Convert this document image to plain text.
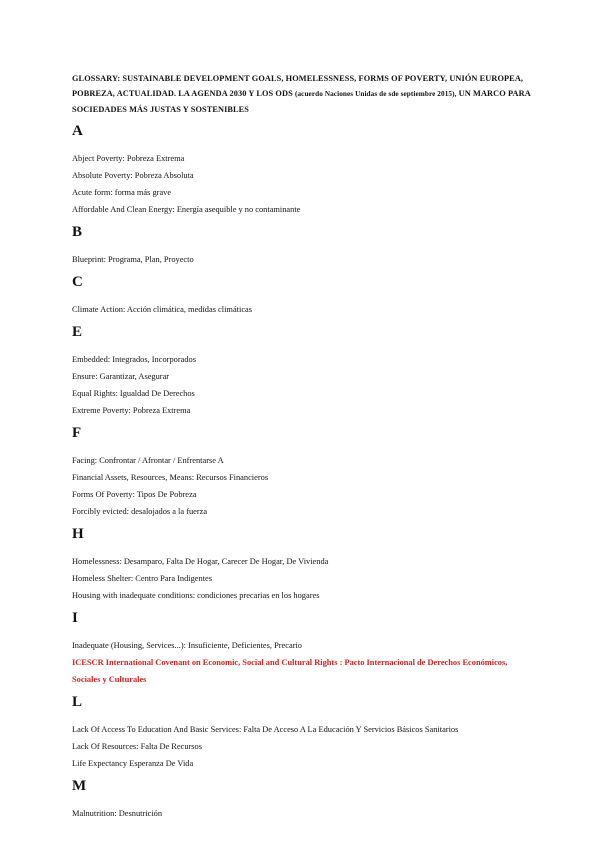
GLOSSARY: SUSTAINABLE DEVELOPMENT GOALS, HOMELESSNESS, FORMS OF POVERTY, UNIÓN EUROPEA, POBREZA, ACTUALIDAD. LA AGENDA 2030 Y LOS ODS (acuerdo Naciones Unidas de sde septiembre 2015), UN MARCO PARA SOCIEDADES MÁS JUSTAS Y SOSTENIBLES
A
Abject Poverty: Pobreza Extrema
Absolute Poverty: Pobreza Absoluta
Acute form: forma más grave
Affordable And Clean Energy: Energía asequible y no contaminante
B
Blueprint: Programa, Plan, Proyecto
C
Climate Action: Acción climática, medidas climáticas
E
Embedded: Integrados, Incorporados
Ensure: Garantizar, Asegurar
Equal Rights: Igualdad De Derechos
Extreme Poverty: Pobreza Extrema
F
Facing: Confrontar / Afrontar / Enfrentarse A
Financial Assets, Resources, Means: Recursos Financieros
Forms Of Poverty: Tipos De Pobreza
Forcibly evicted: desalojados a la fuerza
H
Homelessness: Desamparo, Falta De Hogar, Carecer De Hogar, De Vivienda
Homeless Shelter: Centro Para Indigentes
Housing with inadequate conditions: condiciones precarias en los hogares
I
Inadequate (Housing, Services...): Insuficiente, Deficientes, Precario
ICESCR International Covenant on Economic, Social and Cultural Rights : Pacto Internacional de Derechos Económicos, Sociales y Culturales
L
Lack Of Access To Education And Basic Services: Falta De Acceso A La Educación Y Servicios Básicos Sanitarios
Lack Of Resources: Falta De Recursos
Life Expectancy Esperanza De Vida
M
Malnutrition: Desnutrición
